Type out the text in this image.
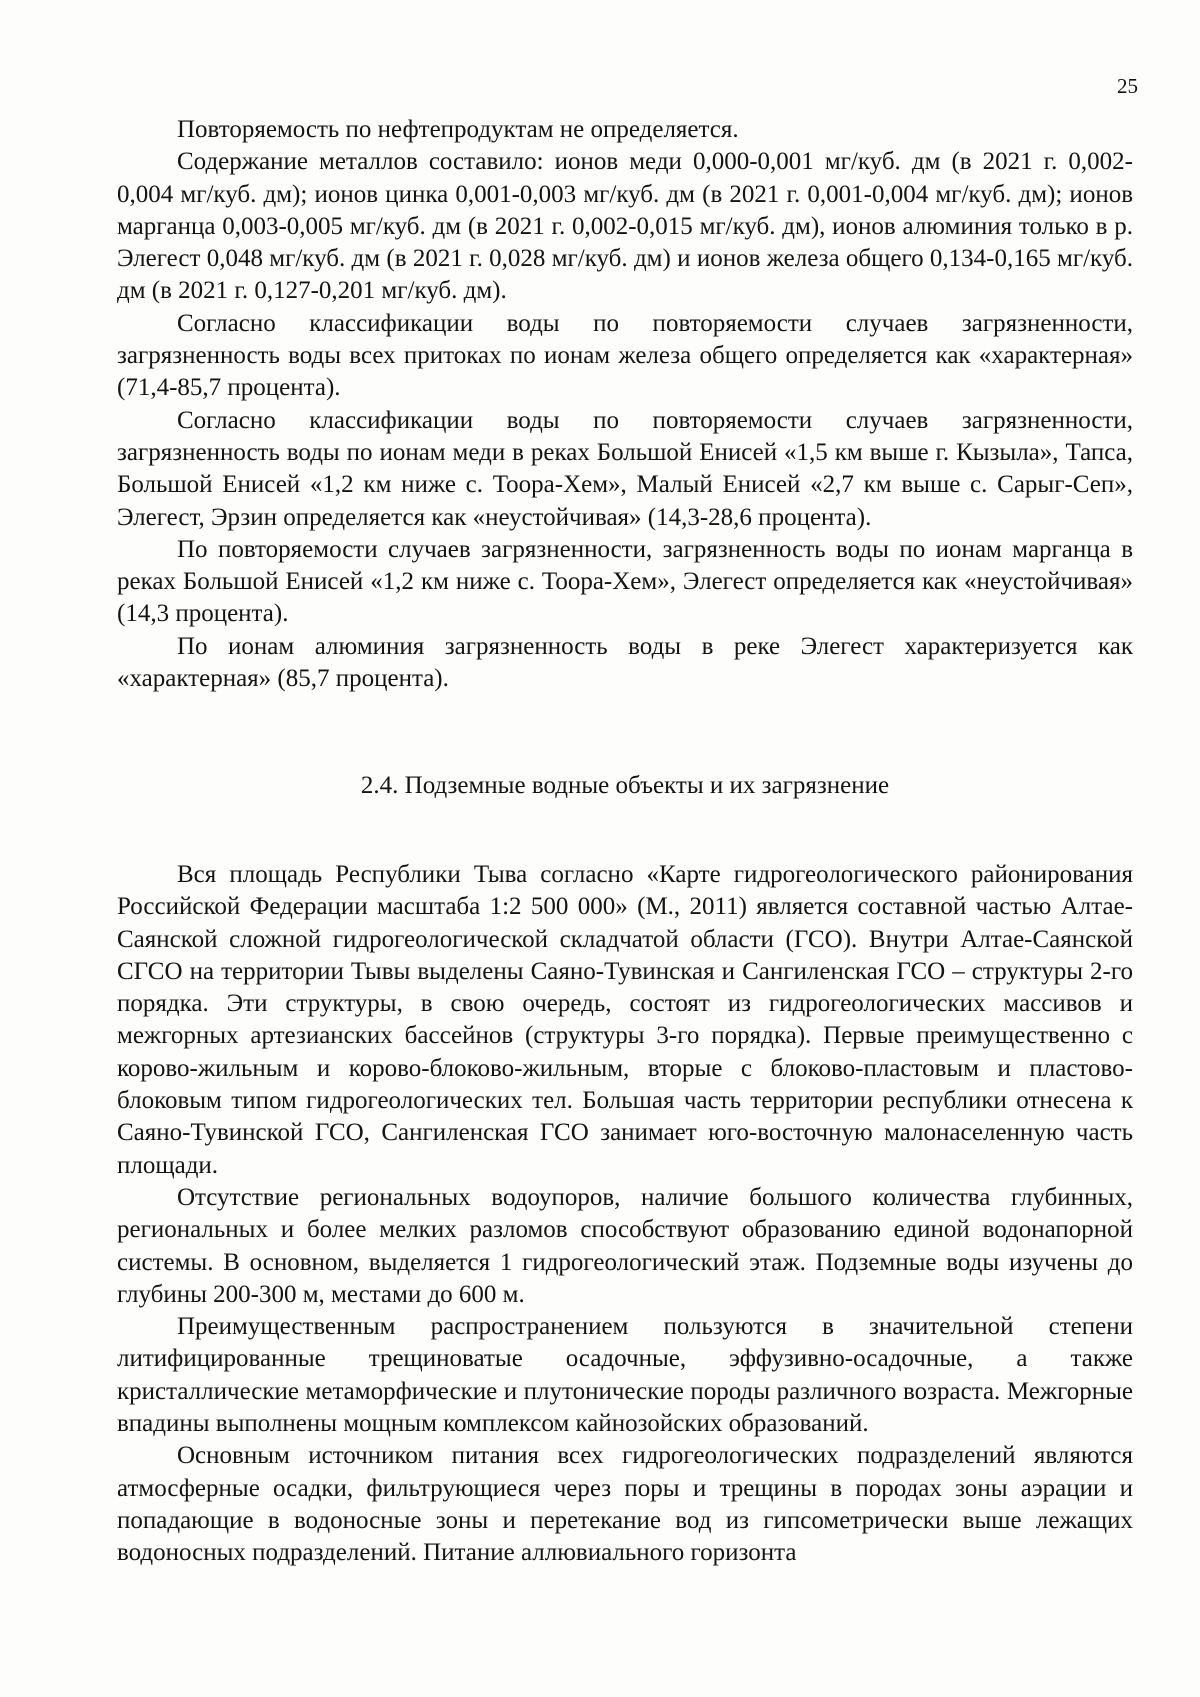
25

Повторяемость по нефтепродуктам не определяется.

Содержание металлов составило: ионов меди 0,000-0,001 мг/куб. дм (в 2021 г. 0,002-0,004 мг/куб. дм); ионов цинка 0,001-0,003 мг/куб. дм (в 2021 г. 0,001-0,004 мг/куб. дм); ионов марганца 0,003-0,005 мг/куб. дм (в 2021 г. 0,002-0,015 мг/куб. дм), ионов алюминия только в р. Элегест 0,048 мг/куб. дм (в 2021 г. 0,028 мг/куб. дм) и ионов железа общего 0,134-0,165 мг/куб. дм (в 2021 г. 0,127-0,201 мг/куб. дм).

Согласно классификации воды по повторяемости случаев загрязненности, загрязненность воды всех притоках по ионам железа общего определяется как «характерная» (71,4-85,7 процента).

Согласно классификации воды по повторяемости случаев загрязненности, загрязненность воды по ионам меди в реках Большой Енисей «1,5 км выше г. Кызыла», Тапса, Большой Енисей «1,2 км ниже с. Тоора-Хем», Малый Енисей «2,7 км выше с. Сарыг-Сеп», Элегест, Эрзин определяется как «неустойчивая» (14,3-28,6 процента).

По повторяемости случаев загрязненности, загрязненность воды по ионам марганца в реках Большой Енисей «1,2 км ниже с. Тоора-Хем», Элегест определяется как «неустойчивая» (14,3 процента).

По ионам алюминия загрязненность воды в реке Элегест характеризуется как «характерная» (85,7 процента).

2.4. Подземные водные объекты и их загрязнение

Вся площадь Республики Тыва согласно «Карте гидрогеологического районирования Российской Федерации масштаба 1:2 500 000» (М., 2011) является составной частью Алтае-Саянской сложной гидрогеологической складчатой области (ГСО). Внутри Алтае-Саянской СГСО на территории Тывы выделены Саяно-Тувинская и Сангиленская ГСО – структуры 2-го порядка. Эти структуры, в свою очередь, состоят из гидрогеологических массивов и межгорных артезианских бассейнов (структуры 3-го порядка). Первые преимущественно с корово-жильным и корово-блоково-жильным, вторые с блоково-пластовым и пластово-блоковым типом гидрогеологических тел. Большая часть территории республики отнесена к Саяно-Тувинской ГСО, Сангиленская ГСО занимает юго-восточную малонаселенную часть площади.

Отсутствие региональных водоупоров, наличие большого количества глубинных, региональных и более мелких разломов способствуют образованию единой водонапорной системы. В основном, выделяется 1 гидрогеологический этаж. Подземные воды изучены до глубины 200-300 м, местами до 600 м.

Преимущественным распространением пользуются в значительной степени литифицированные трещиноватые осадочные, эффузивно-осадочные, а также кристаллические метаморфические и плутонические породы различного возраста. Межгорные впадины выполнены мощным комплексом кайнозойских образований.

Основным источником питания всех гидрогеологических подразделений являются атмосферные осадки, фильтрующиеся через поры и трещины в породах зоны аэрации и попадающие в водоносные зоны и перетекание вод из гипсометрически выше лежащих водоносных подразделений. Питание аллювиального горизонта
